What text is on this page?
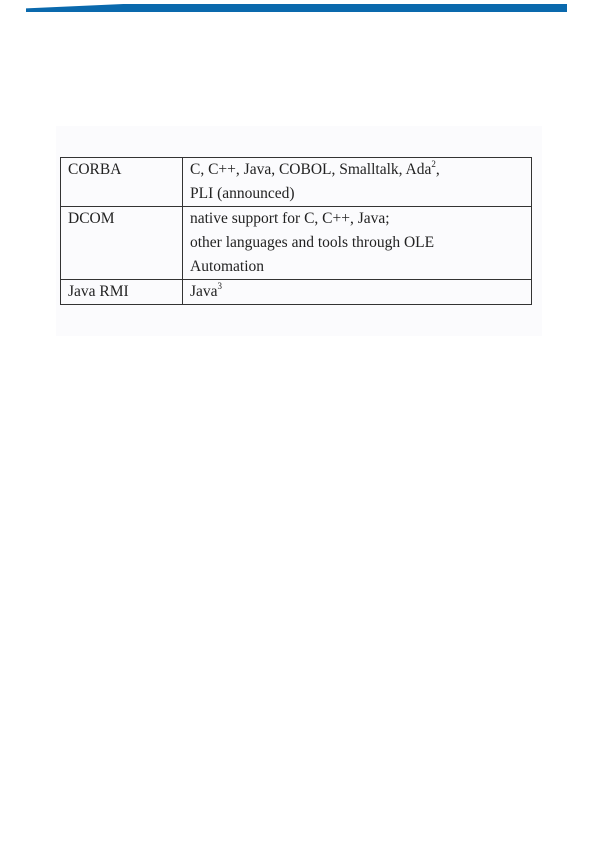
CORBA	C, C++, Java, COBOL, Smalltalk, Ada$^2$,
PLI (announced)

DCOM	native support for C, C++, Java;
other languages and tools through OLE
Automation

Java RMI	Java$^3$
